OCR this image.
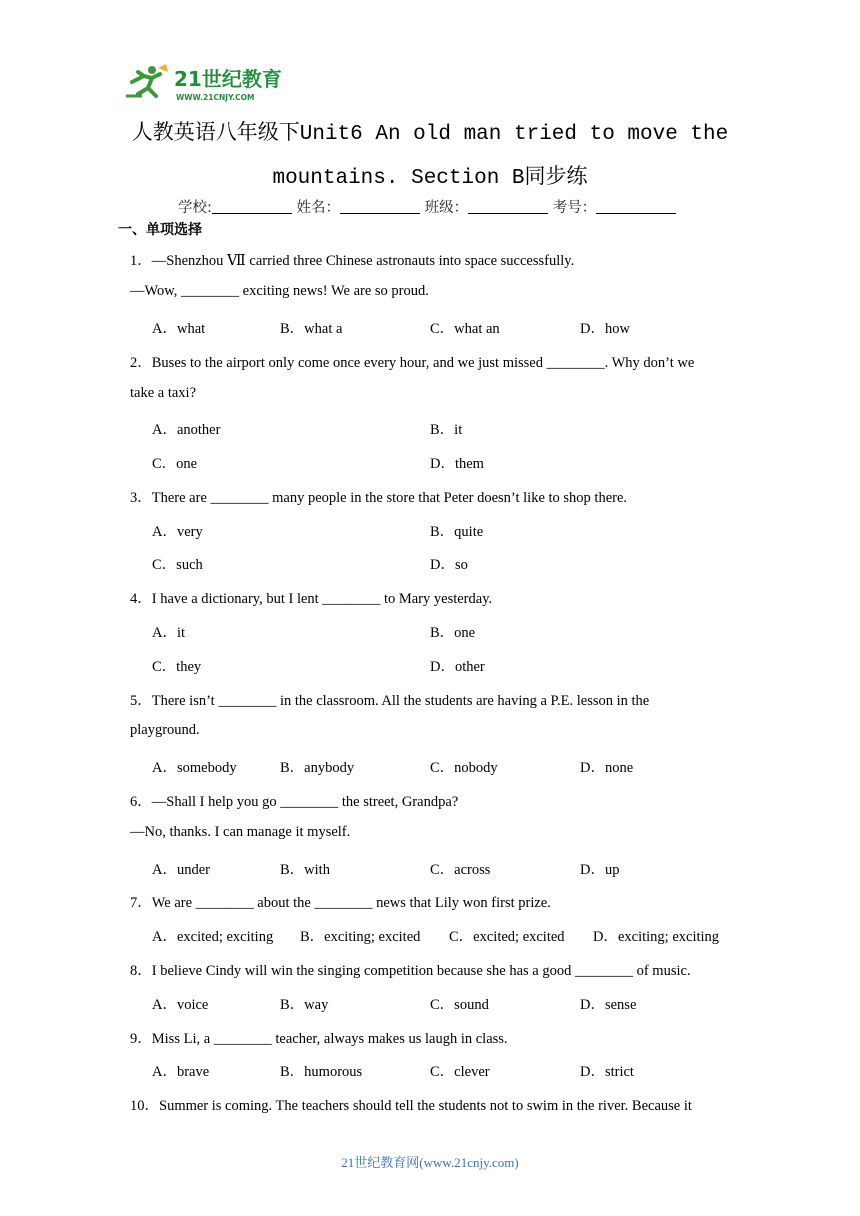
21世纪教育
WWW.21CNJY.COM
人教英语八年级下Unit6 An old man tried to move the
mountains. Section B同步练
学校:	姓名：	班级：	考号：
一、单项选择
1．—Shenzhou Ⅶ carried three Chinese astronauts into space successfully.
—Wow, ________ exciting news! We are so proud.
A．what	B．what a	C．what an	D．how
2．Buses to the airport only come once every hour, and we just missed ________. Why don’t we
take a taxi?
A．another	B．it
C．one	D．them
3．There are ________ many people in the store that Peter doesn’t like to shop there.
A．very	B．quite
C．such	D．so
4．I have a dictionary, but I lent ________ to Mary yesterday.
A．it	B．one
C．they	D．other
5．There isn’t ________ in the classroom. All the students are having a P.E. lesson in the
playground.
A．somebody	B．anybody	C．nobody	D．none
6．—Shall I help you go ________ the street, Grandpa?
—No, thanks. I can manage it myself.
A．under	B．with	C．across	D．up
7．We are ________ about the ________ news that Lily won first prize.
A．excited; exciting B．exciting; excited C．excited; excited D．exciting; exciting
8．I believe Cindy will win the singing competition because she has a good ________ of music.
A．voice	B．way	C．sound	D．sense
9．Miss Li, a ________ teacher, always makes us laugh in class.
A．brave	B．humorous	C．clever	D．strict
10．Summer is coming. The teachers should tell the students not to swim in the river. Because it
21世纪教育网(www.21cnjy.com)
